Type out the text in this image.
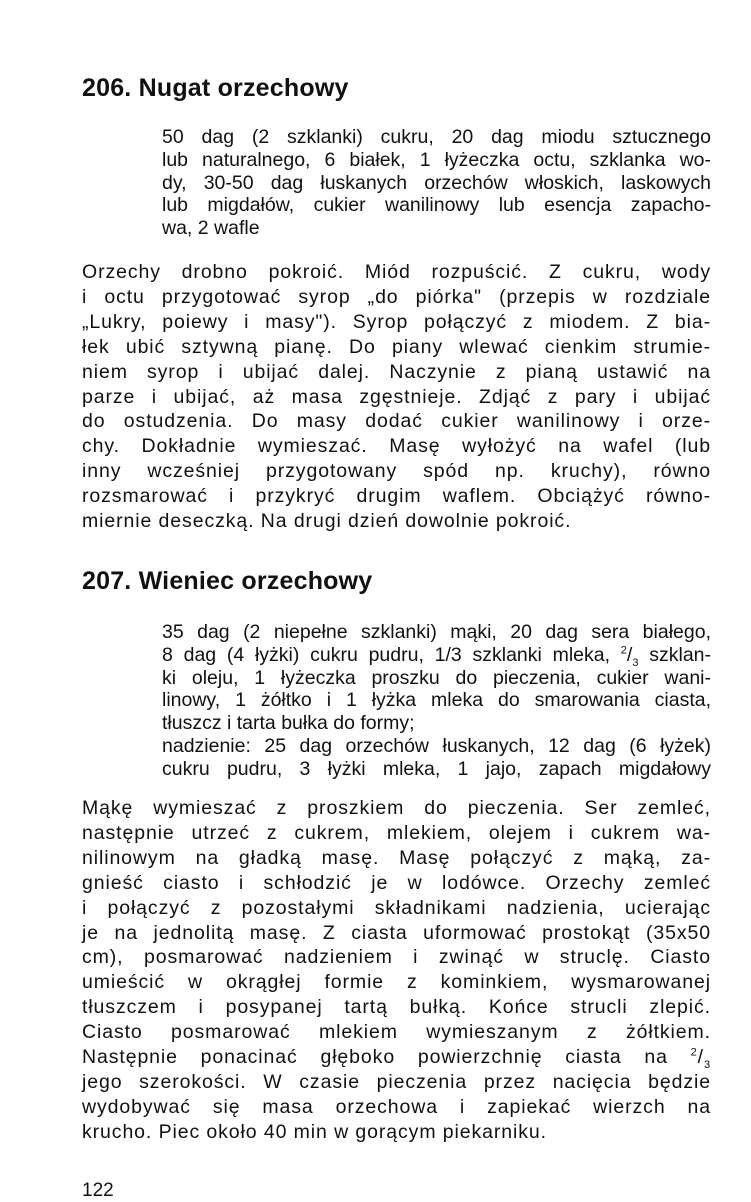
206. Nugat orzechowy
50 dag (2 szklanki) cukru, 20 dag miodu sztucznego
lub naturalnego, 6 białek, 1 łyżeczka octu, szklanka wo-
dy, 30-50 dag łuskanych orzechów włoskich, laskowych
lub migdałów, cukier wanilinowy lub esencja zapacho-
wa, 2 wafle
Orzechy drobno pokroić. Miód rozpuścić. Z cukru, wody
i octu przygotować syrop „do piórka" (przepis w rozdziale
„Lukry, poiewy i masy"). Syrop połączyć z miodem. Z bia-
łek ubić sztywną pianę. Do piany wlewać cienkim strumie-
niem syrop i ubijać dalej. Naczynie z pianą ustawić na
parze i ubijać, aż masa zgęstnieje. Zdjąć z pary i ubijać
do ostudzenia. Do masy dodać cukier wanilinowy i orze-
chy. Dokładnie wymieszać. Masę wyłożyć na wafel (lub
inny wcześniej przygotowany spód np. kruchy), równo
rozsmarować i przykryć drugim waflem. Obciążyć równo-
miernie deseczką. Na drugi dzień dowolnie pokroić.
207. Wieniec orzechowy
35 dag (2 niepełne szklanki) mąki, 20 dag sera białego,
8 dag (4 łyżki) cukru pudru, 1/3 szklanki mleka, $^2/_3$ szklan-
ki oleju, 1 łyżeczka proszku do pieczenia, cukier wani-
linowy, 1 żółtko i 1 łyżka mleka do smarowania ciasta,
tłuszcz i tarta bułka do formy;
nadzienie: 25 dag orzechów łuskanych, 12 dag (6 łyżek)
cukru pudru, 3 łyżki mleka, 1 jajo, zapach migdałowy
Mąkę wymieszać z proszkiem do pieczenia. Ser zemleć,
następnie utrzeć z cukrem, mlekiem, olejem i cukrem wa-
nilinowym na gładką masę. Masę połączyć z mąką, za-
gnieść ciasto i schłodzić je w lodówce. Orzechy zemleć
i połączyć z pozostałymi składnikami nadzienia, ucierając
je na jednolitą masę. Z ciasta uformować prostokąt (35x50
cm), posmarować nadzieniem i zwinąć w struclę. Ciasto
umieścić w okrągłej formie z kominkiem, wysmarowanej
tłuszczem i posypanej tartą bułką. Końce strucli zlepić.
Ciasto posmarować mlekiem wymieszanym z żółtkiem.
Następnie ponacinać głęboko powierzchnię ciasta na $^2/_3$
jego szerokości. W czasie pieczenia przez nacięcia będzie
wydobywać się masa orzechowa i zapiekać wierzch na
krucho. Piec około 40 min w gorącym piekarniku.
122
